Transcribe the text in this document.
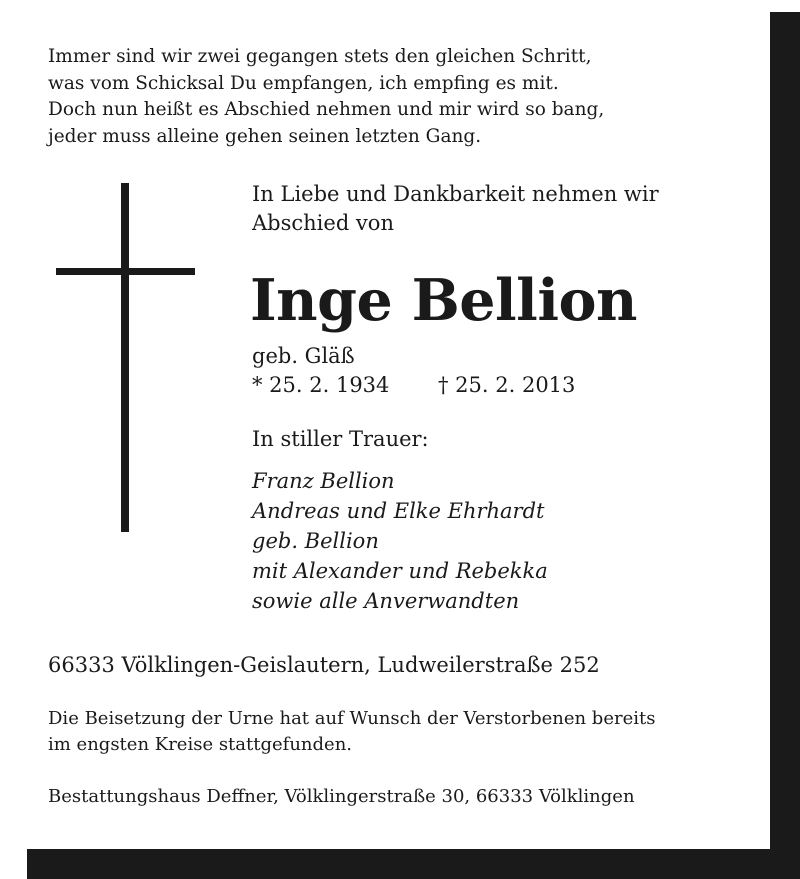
Immer sind wir zwei gegangen stets den gleichen Schritt,
was vom Schicksal Du empfangen, ich empfing es mit.
Doch nun heißt es Abschied nehmen und mir wird so bang,
jeder muss alleine gehen seinen letzten Gang.
In Liebe und Dankbarkeit nehmen wir
Abschied von
Inge Bellion
geb. Gläß
* 25. 2. 1934 † 25. 2. 2013
In stiller Trauer:
Franz Bellion
Andreas und Elke Ehrhardt
geb. Bellion
mit Alexander und Rebekka
sowie alle Anverwandten
66333 Völklingen-Geislautern, Ludweilerstraße 252
Die Beisetzung der Urne hat auf Wunsch der Verstorbenen bereits
im engsten Kreise stattgefunden.
Bestattungshaus Deffner, Völklingerstraße 30, 66333 Völklingen
